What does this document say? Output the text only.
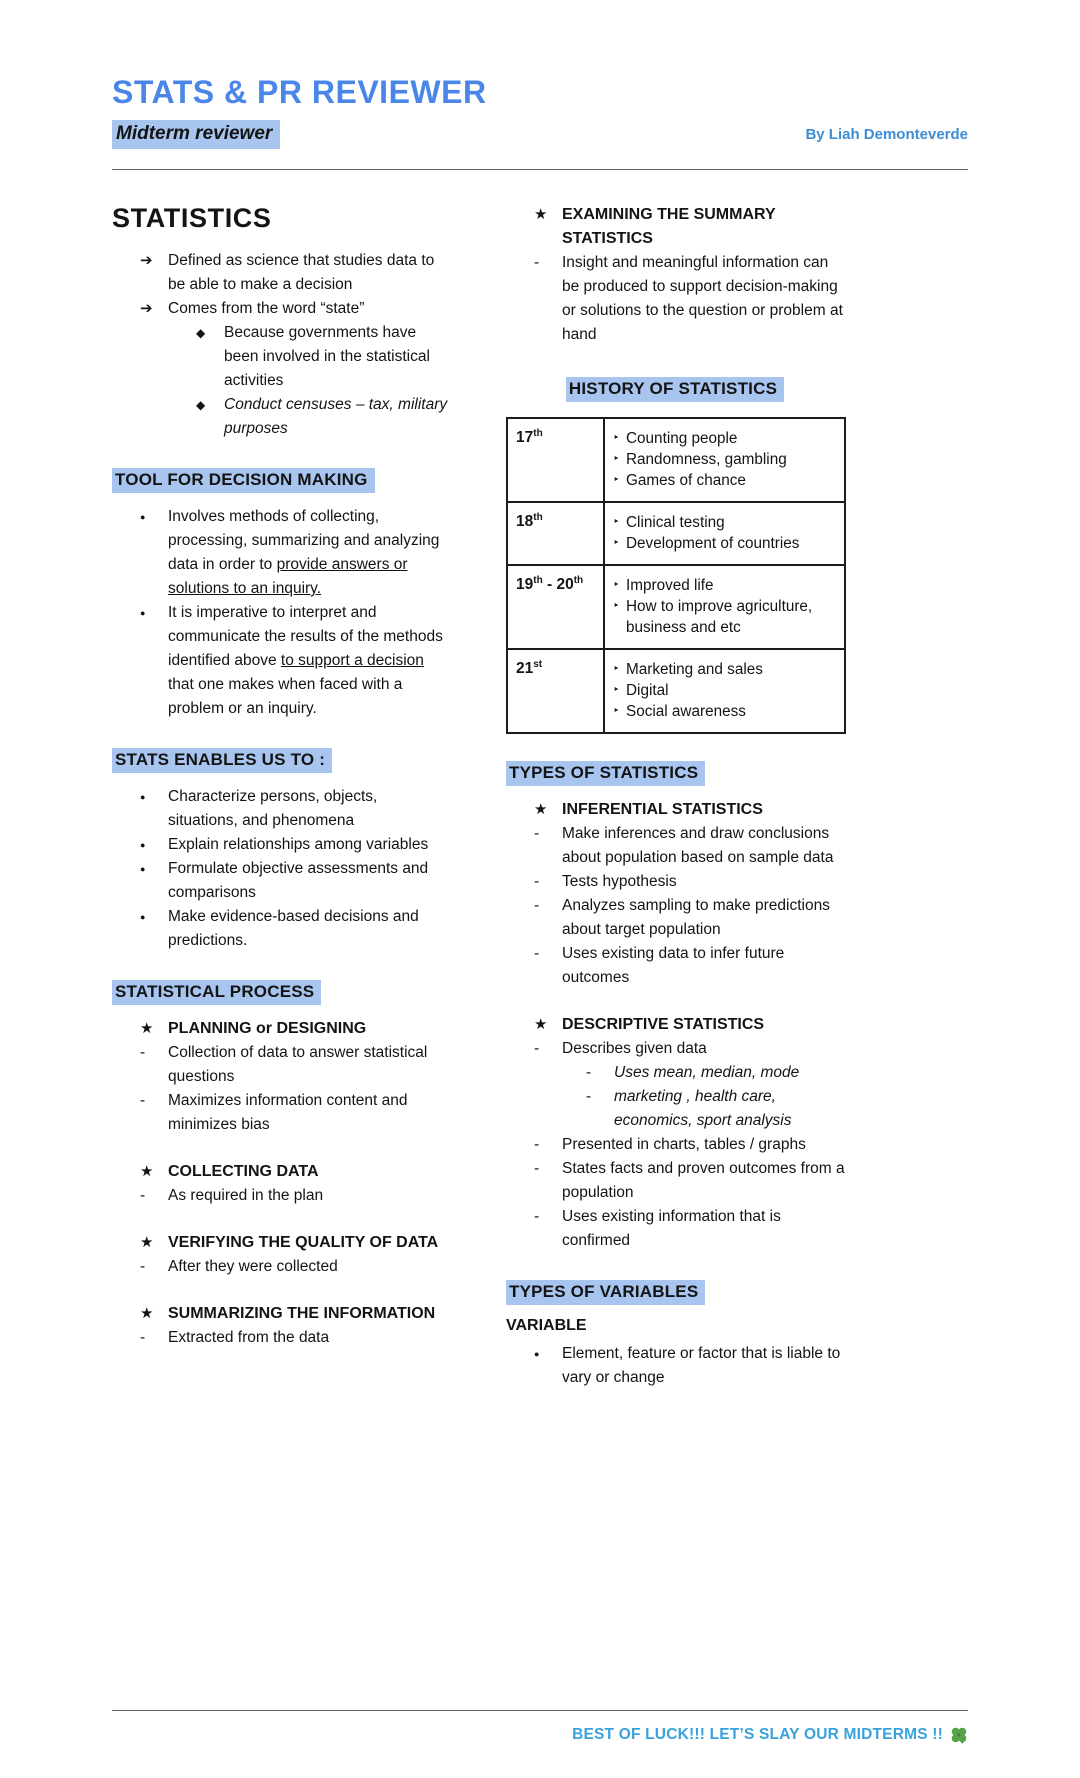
STATS & PR REVIEWER
Midterm reviewer	By Liah Demonteverde
STATISTICS
➔ Defined as science that studies data to be able to make a decision
➔ Comes from the word “state”
◆	Because governments have been involved in the statistical activities
◆	Conduct censuses – tax, military purposes
TOOL FOR DECISION MAKING
●	Involves methods of collecting, processing, summarizing and analyzing data in order to provide answers or solutions to an inquiry.
●	It is imperative to interpret and communicate the results of the methods identified above to support a decision that one makes when faced with a problem or an inquiry.
STATS ENABLES US TO :
●	Characterize persons, objects, situations, and phenomena
●	Explain relationships among variables
●	Formulate objective assessments and comparisons
●	Make evidence-based decisions and predictions.
STATISTICAL PROCESS
★ PLANNING or DESIGNING
-	Collection of data to answer statistical questions
-	Maximizes information content and minimizes bias
★ COLLECTING DATA
-	As required in the plan
★ VERIFYING THE QUALITY OF DATA
-	After they were collected
★ SUMMARIZING THE INFORMATION
-	Extracted from the data
★ EXAMINING THE SUMMARY STATISTICS
-	Insight and meaningful information can be produced to support decision-making or solutions to the question or problem at hand
HISTORY OF STATISTICS
17th	‣ Counting people
‣ Randomness, gambling
‣ Games of chance

18th	‣ Clinical testing
‣ Development of countries

19th - 20th	‣ Improved life
‣ How to improve agriculture, business and etc

21st	‣ Marketing and sales
‣ Digital
‣ Social awareness
TYPES OF STATISTICS
★ INFERENTIAL STATISTICS
-	Make inferences and draw conclusions about population based on sample data
-	Tests hypothesis
-	Analyzes sampling to make predictions about target population
-	Uses existing data to infer future outcomes
★ DESCRIPTIVE STATISTICS
-	Describes given data
-	Uses mean, median, mode
-	marketing , health care, economics, sport analysis
-	Presented in charts, tables / graphs
-	States facts and proven outcomes from a population
-	Uses existing information that is confirmed
TYPES OF VARIABLES
VARIABLE
●	Element, feature or factor that is liable to vary or change
BEST OF LUCK!!! LET’S SLAY OUR MIDTERMS !!
